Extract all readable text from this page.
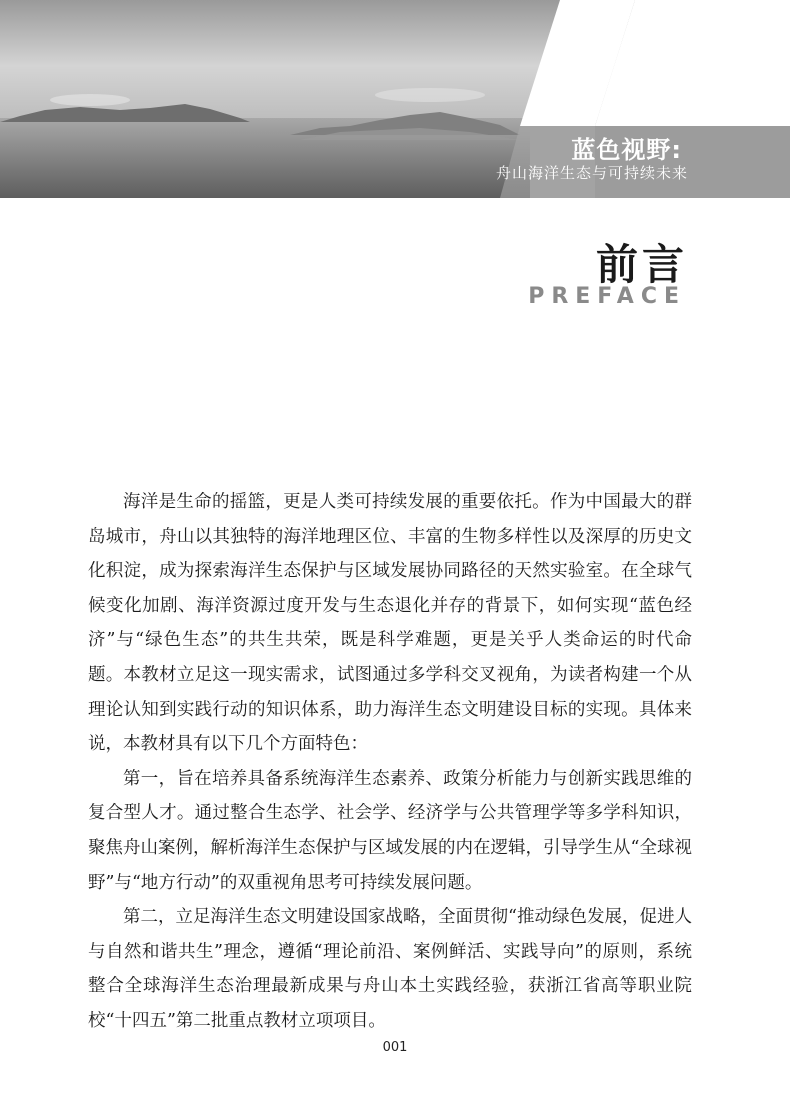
蓝色视野:
舟山海洋生态与可持续未来
前言
PREFACE

海洋是生命的摇篮，更是人类可持续发展的重要依托。作为中国最大的群岛城市，舟山以其独特的海洋地理区位、丰富的生物多样性以及深厚的历史文化积淀，成为探索海洋生态保护与区域发展协同路径的天然实验室。在全球气候变化加剧、海洋资源过度开发与生态退化并存的背景下，如何实现“蓝色经济”与“绿色生态”的共生共荣，既是科学难题，更是关乎人类命运的时代命题。本教材立足这一现实需求，试图通过多学科交叉视角，为读者构建一个从理论认知到实践行动的知识体系，助力海洋生态文明建设目标的实现。具体来说，本教材具有以下几个方面特色：

第一，旨在培养具备系统海洋生态素养、政策分析能力与创新实践思维的复合型人才。通过整合生态学、社会学、经济学与公共管理学等多学科知识，聚焦舟山案例，解析海洋生态保护与区域发展的内在逻辑，引导学生从“全球视野”与“地方行动”的双重视角思考可持续发展问题。

第二，立足海洋生态文明建设国家战略，全面贯彻“推动绿色发展，促进人与自然和谐共生”理念，遵循“理论前沿、案例鲜活、实践导向”的原则，系统整合全球海洋生态治理最新成果与舟山本土实践经验，获浙江省高等职业院校“十四五”第二批重点教材立项项目。

001
